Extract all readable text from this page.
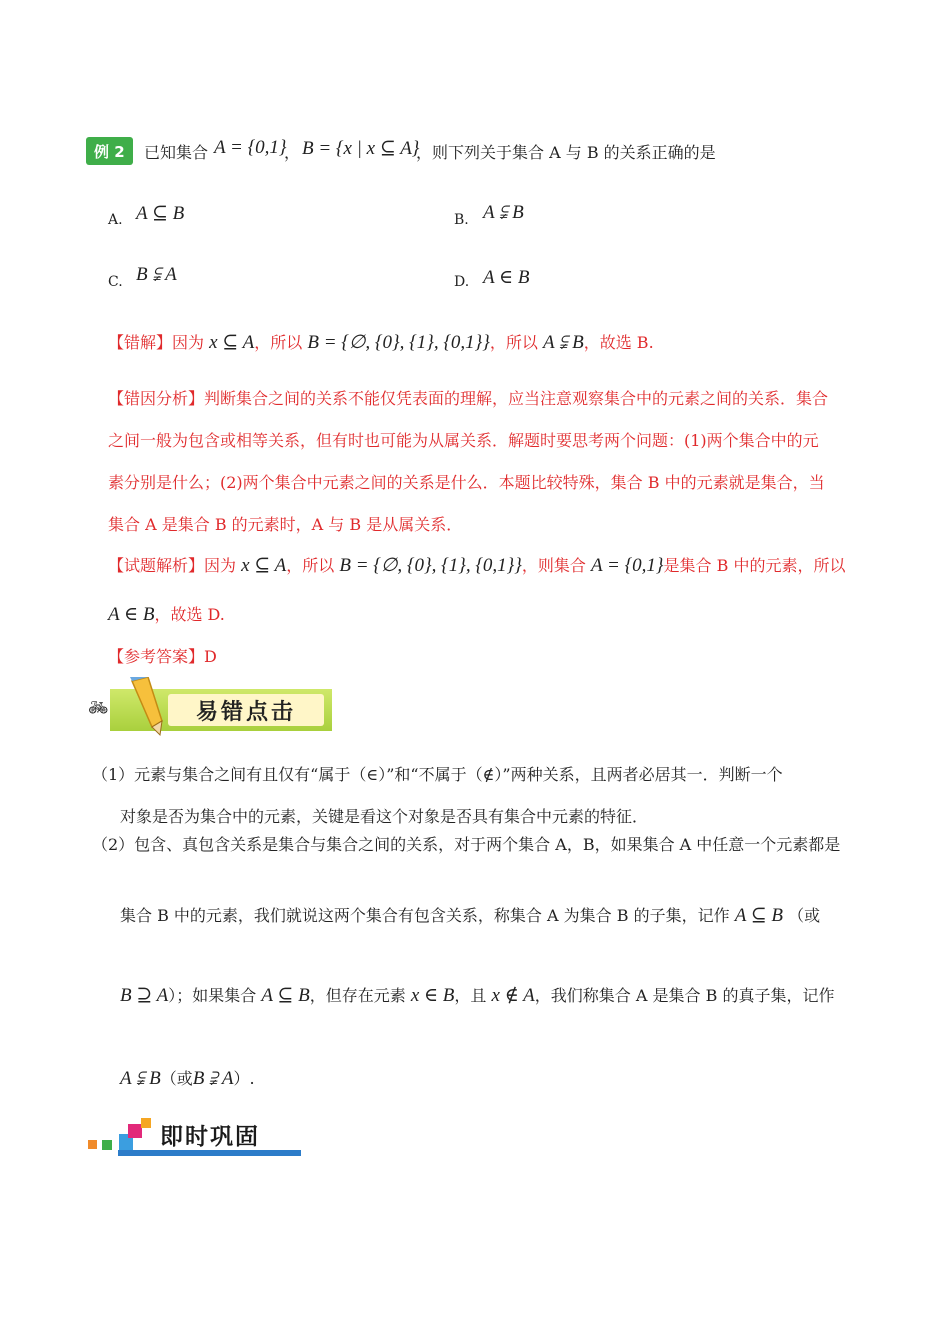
例 2	已知集合 A = {0,1}
， B = {x | x ⊆ A}
，则下列关于集合 A 与 B 的关系正确的是
A. A ⊆ B	B. A ⫋ B
C. B ⫋ A	D. A ∈ B
【错解】因为 x ⊆ A，所以 B = {∅, {0}, {1}, {0,1}}，所以 A ⫋ B，故选 B.
【错因分析】判断集合之间的关系不能仅凭表面的理解，应当注意观察集合中的元素之间的关系．集合
之间一般为包含或相等关系，但有时也可能为从属关系．解题时要思考两个问题：(1)两个集合中的元
素分别是什么；(2)两个集合中元素之间的关系是什么．本题比较特殊，集合 B 中的元素就是集合，当
集合 A 是集合 B 的元素时，A 与 B 是从属关系．
【试题解析】因为 x ⊆ A，所以 B = {∅, {0}, {1}, {0,1}}，则集合 A = {0,1}是集合 B 中的元素，所以
A ∈ B，故选 D.
【参考答案】D
🚲︎	易错点击
（1）元素与集合之间有且仅有“属于（∈）”和“不属于（∉）”两种关系，且两者必居其一．判断一个
对象是否为集合中的元素，关键是看这个对象是否具有集合中元素的特征．
（2）包含、真包含关系是集合与集合之间的关系，对于两个集合 A，B，如果集合 A 中任意一个元素都是
集合 B 中的元素，我们就说这两个集合有包含关系，称集合 A 为集合 B 的子集，记作 A ⊆ B （或
B ⊇ A）；如果集合 A ⊆ B，但存在元素 x ∈ B，且 x ∉ A，我们称集合 A 是集合 B 的真子集，记作
A ⫋ B（或B ⫌ A）.
即时巩固
